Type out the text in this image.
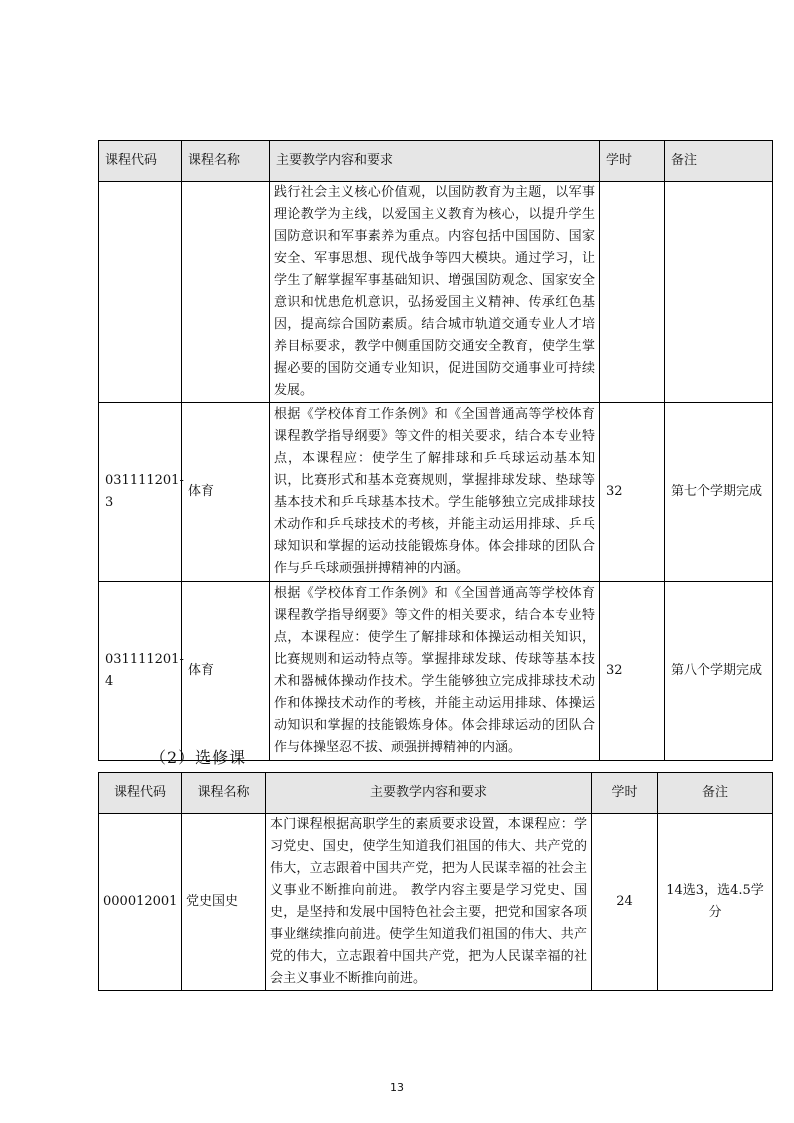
课程代码	课程名称	主要教学内容和要求	学时	备注
		践行社会主义核心价值观，以国防教育为主题，以军事理论教学为主线，以爱国主义教育为核心，以提升学生国防意识和军事素养为重点。内容包括中国国防、国家安全、军事思想、现代战争等四大模块。通过学习，让学生了解掌握军事基础知识、增强国防观念、国家安全意识和忧患危机意识，弘扬爱国主义精神、传承红色基因，提高综合国防素质。结合城市轨道交通专业人才培养目标要求，教学中侧重国防交通安全教育，使学生掌握必要的国防交通专业知识，促进国防交通事业可持续发展。		
031111201-3	体育	根据《学校体育工作条例》和《全国普通高等学校体育课程教学指导纲要》等文件的相关要求，结合本专业特点，本课程应：使学生了解排球和乒乓球运动基本知识，比赛形式和基本竞赛规则，掌握排球发球、垫球等基本技术和乒乓球基本技术。学生能够独立完成排球技术动作和乒乓球技术的考核，并能主动运用排球、乒乓球知识和掌握的运动技能锻炼身体。体会排球的团队合作与乒乓球顽强拼搏精神的内涵。	32	第七个学期完成
031111201-4	体育	根据《学校体育工作条例》和《全国普通高等学校体育课程教学指导纲要》等文件的相关要求，结合本专业特点，本课程应：使学生了解排球和体操运动相关知识，比赛规则和运动特点等。掌握排球发球、传球等基本技术和器械体操动作技术。学生能够独立完成排球技术动作和体操技术动作的考核，并能主动运用排球、体操运动知识和掌握的技能锻炼身体。体会排球运动的团队合作与体操坚忍不拔、顽强拼搏精神的内涵。	32	第八个学期完成
（2）选修课
课程代码	课程名称	主要教学内容和要求	学时	备注
000012001	党史国史	本门课程根据高职学生的素质要求设置，本课程应：学习党史、国史，使学生知道我们祖国的伟大、共产党的伟大，立志跟着中国共产党，把为人民谋幸福的社会主义事业不断推向前进。 教学内容主要是学习党史、国史，是坚持和发展中国特色社会主要，把党和国家各项事业继续推向前进。使学生知道我们祖国的伟大、共产党的伟大，立志跟着中国共产党，把为人民谋幸福的社会主义事业不断推向前进。	24	14选3，选4.5学分
13
